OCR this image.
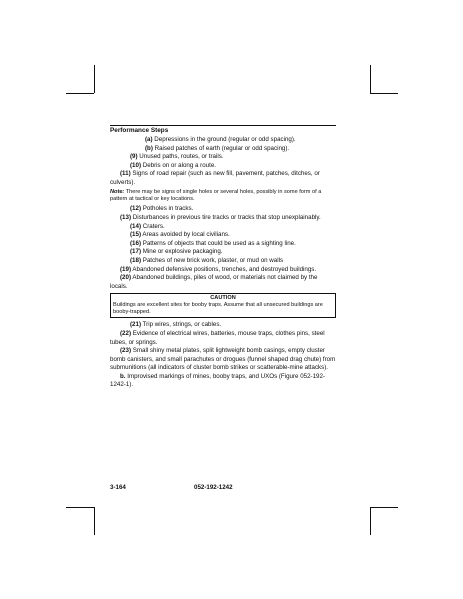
Performance Steps

(a) Depressions in the ground (regular or odd spacing).

(b) Raised patches of earth (regular or odd spacing).

(9) Unused paths, routes, or trails.

(10) Debris on or along a route.

(11) Signs of road repair (such as new fill, pavement, patches, ditches, or culverts).

Note: There may be signs of single holes or several holes, possibly in some form of a pattern at tactical or key locations.

(12) Potholes in tracks.

(13) Disturbances in previous tire tracks or tracks that stop unexplainably.

(14) Craters.

(15) Areas avoided by local civilians.

(16) Patterns of objects that could be used as a sighting line.

(17) Mine or explosive packaging.

(18) Patches of new brick work, plaster, or mud on walls

(19) Abandoned defensive positions, trenches, and destroyed buildings.

(20) Abandoned buildings, piles of wood, or materials not claimed by the locals.

CAUTION
Buildings are excellent sites for booby traps. Assume that all unsecured buildings are booby-trapped.

(21) Trip wires, strings, or cables.

(22) Evidence of electrical wires, batteries, mouse traps, clothes pins, steel tubes, or springs.

(23) Small shiny metal plates, split lightweight bomb casings, empty cluster bomb canisters, and small parachutes or drogues (funnel shaped drag chute) from submunitions (all indicators of cluster bomb strikes or scatterable-mine attacks).

b. Improvised markings of mines, booby traps, and UXOs (Figure 052-192-1242-1).

3-164	052-192-1242
